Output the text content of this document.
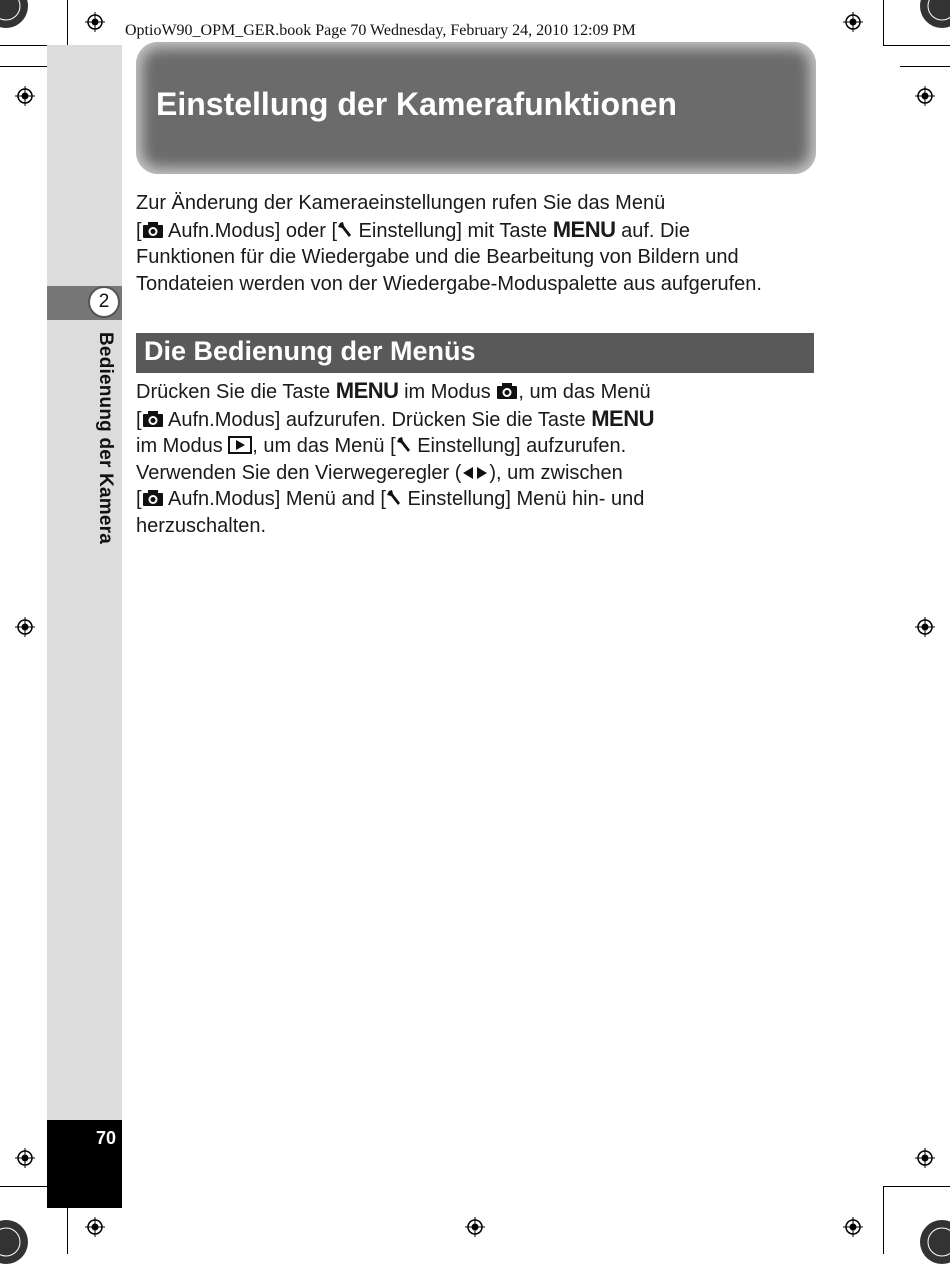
OptioW90_OPM_GER.book Page 70 Wednesday, February 24, 2010 12:09 PM
2
Bedienung der Kamera
70
Einstellung der Kamerafunktionen
Zur Änderung der Kameraeinstellungen rufen Sie das Menü
[ Aufn.Modus] oder [ Einstellung] mit Taste MENU auf. Die
Funktionen für die Wiedergabe und die Bearbeitung von Bildern und
Tondateien werden von der Wiedergabe-Moduspalette aus aufgerufen.
Die Bedienung der Menüs
Drücken Sie die Taste MENU im Modus , um das Menü
[ Aufn.Modus] aufzurufen. Drücken Sie die Taste MENU
im Modus , um das Menü [ Einstellung] aufzurufen.
Verwenden Sie den Vierwegeregler ( ), um zwischen
[ Aufn.Modus] Menü and [ Einstellung] Menü hin- und
herzuschalten.
